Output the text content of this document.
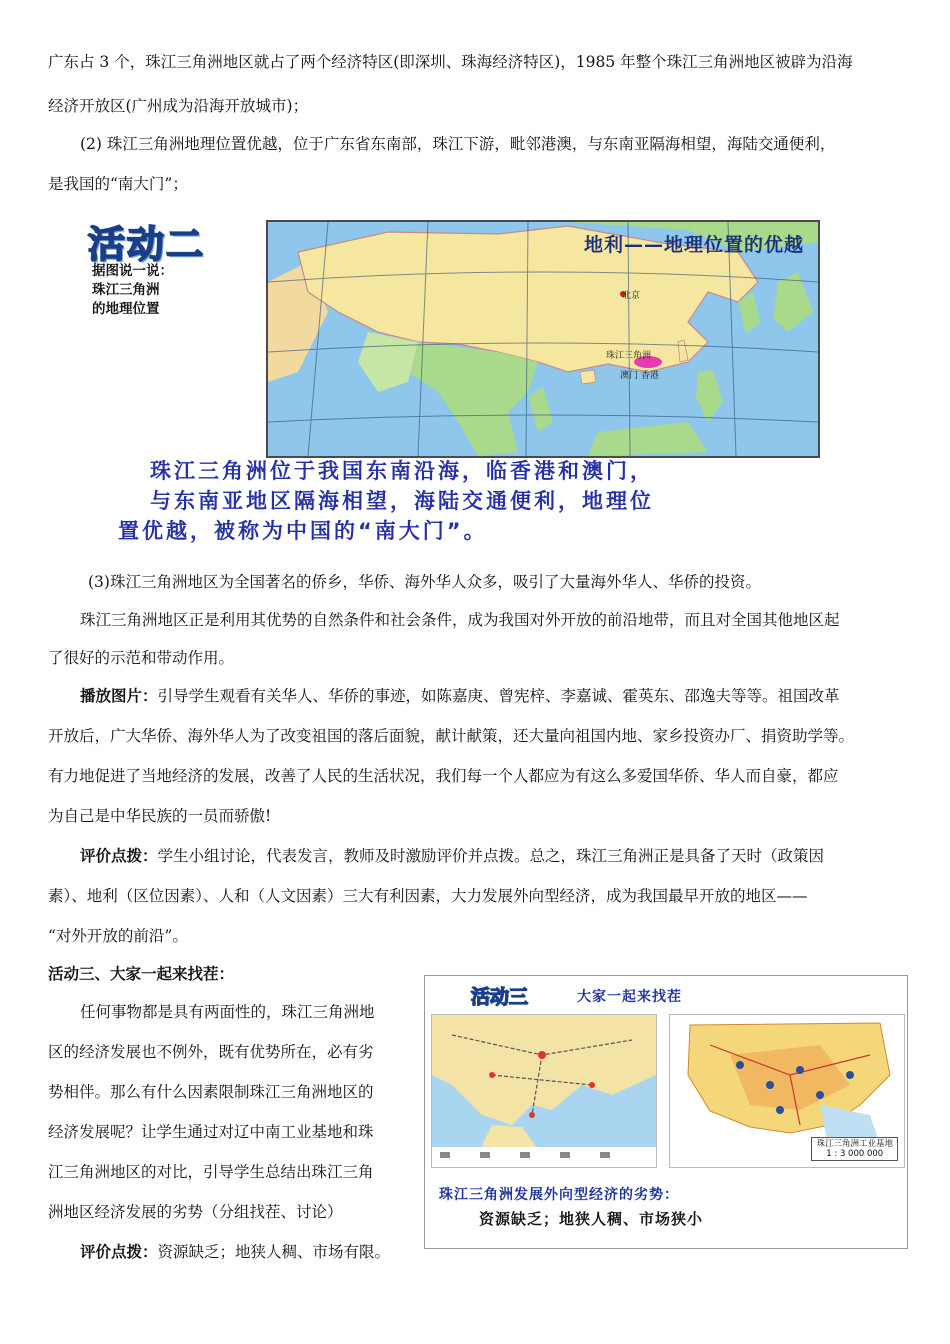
广东占 3 个，珠江三角洲地区就占了两个经济特区(即深圳、珠海经济特区)，1985 年整个珠江三角洲地区被辟为沿海
经济开放区(广州成为沿海开放城市)；
(2) 珠江三角洲地理位置优越，位于广东省东南部，珠江下游，毗邻港澳，与东南亚隔海相望，海陆交通便利，
是我国的“南大门”；
活动二
据图说一说：
珠江三角洲
的地理位置
地利——地理位置的优越
北京
珠江三角洲
澳门 香港
珠江三角洲位于我国东南沿海，临香港和澳门，
与东南亚地区隔海相望，海陆交通便利，地理位
置优越，被称为中国的“南大门”。
(3)珠江三角洲地区为全国著名的侨乡，华侨、海外华人众多，吸引了大量海外华人、华侨的投资。
珠江三角洲地区正是利用其优势的自然条件和社会条件，成为我国对外开放的前沿地带，而且对全国其他地区起
了很好的示范和带动作用。
播放图片：引导学生观看有关华人、华侨的事迹，如陈嘉庚、曾宪梓、李嘉诚、霍英东、邵逸夫等等。祖国改革
开放后，广大华侨、海外华人为了改变祖国的落后面貌，献计献策，还大量向祖国内地、家乡投资办厂、捐资助学等。
有力地促进了当地经济的发展，改善了人民的生活状况，我们每一个人都应为有这么多爱国华侨、华人而自豪，都应
为自己是中华民族的一员而骄傲!
评价点拨：学生小组讨论，代表发言，教师及时激励评价并点拨。总之，珠江三角洲正是具备了天时（政策因
素）、地利（区位因素）、人和（人文因素）三大有利因素，大力发展外向型经济，成为我国最早开放的地区——
“对外开放的前沿”。
活动三、大家一起来找茬：
任何事物都是具有两面性的，珠江三角洲地
区的经济发展也不例外，既有优势所在，必有劣
势相伴。那么有什么因素限制珠江三角洲地区的
经济发展呢？让学生通过对辽中南工业基地和珠
江三角洲地区的对比，引导学生总结出珠江三角
洲地区经济发展的劣势（分组找茬、讨论）
评价点拨：资源缺乏；地狭人稠、市场有限。
活动三	大家一起来找茬
珠江三角洲工业基地
1 : 3 000 000
珠江三角洲发展外向型经济的劣势：
资源缺乏；地狭人稠、市场狭小
